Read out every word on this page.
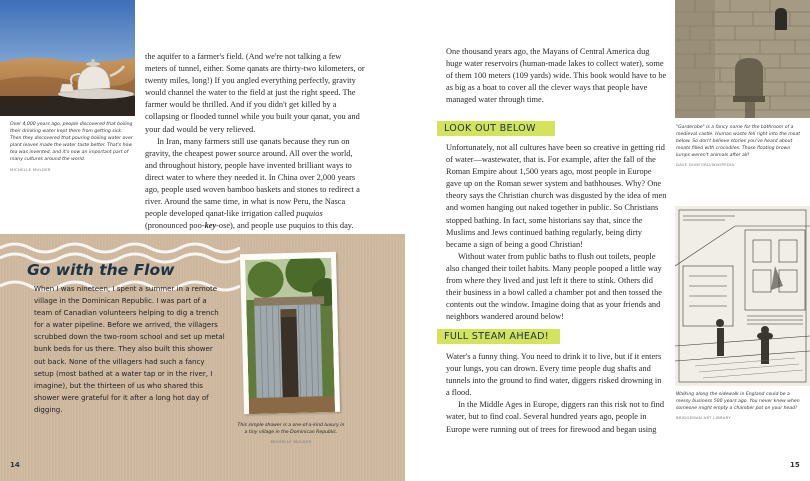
Over 4,000 years ago, people discovered that boiling their drinking water kept them from getting sick. Then they discovered that pouring boiling water over plant leaves made the water taste better. That's how tea was invented, and it's now an important part of many cultures around the world.
MICHELLE MULDER

the aquifer to a farmer's field. (And we're not talking a few meters of tunnel, either. Some qanats are thirty-two kilometers, or twenty miles, long!) If you angled everything perfectly, gravity would channel the water to the field at just the right speed. The farmer would be thrilled. And if you didn't get killed by a collapsing or flooded tunnel while you built your qanat, you and your dad would be very relieved.

In Iran, many farmers still use qanats because they run on gravity, the cheapest power source around. All over the world, and throughout history, people have invented brilliant ways to direct water to where they needed it. In China over 2,000 years ago, people used woven bamboo baskets and stones to redirect a river. Around the same time, in what is now Peru, the Nasca people developed qanat-like irrigation called puquios (pronounced poo-key-ose), and people use puquios to this day.

Go with the Flow
When I was nineteen, I spent a summer in a remote village in the Dominican Republic. I was part of a team of Canadian volunteers helping to dig a trench for a water pipeline. Before we arrived, the villagers scrubbed down the two-room school and set up metal bunk beds for us there. They also built this shower out back. None of the villagers had such a fancy setup (most bathed at a water tap or in the river, I imagine), but the thirteen of us who shared this shower were grateful for it after a long hot day of digging.
This simple shower is a one-of-a-kind luxury in a tiny village in the Dominican Republic.
MICHELLE MULDER
14

One thousand years ago, the Mayans of Central America dug huge water reservoirs (human-made lakes to collect water), some of them 100 meters (109 yards) wide. This book would have to be as big as a boat to cover all the clever ways that people have managed water through time.

LOOK OUT BELOW

Unfortunately, not all cultures have been so creative in getting rid of water—wastewater, that is. For example, after the fall of the Roman Empire about 1,500 years ago, most people in Europe gave up on the Roman sewer system and bathhouses. Why? One theory says the Christian church was disgusted by the idea of men and women hanging out naked together in public. So Christians stopped bathing. In fact, some historians say that, since the Muslims and Jews continued bathing regularly, being dirty became a sign of being a good Christian!

Without water from public baths to flush out toilets, people also changed their toilet habits. Many people pooped a little way from where they lived and just left it there to stink. Others did their business in a bowl called a chamber pot and then tossed the contents out the window. Imagine doing that as your friends and neighbors wandered around below!

FULL STEAM AHEAD!

Water's a funny thing. You need to drink it to live, but if it enters your lungs, you can drown. Every time people dug shafts and tunnels into the ground to find water, diggers risked drowning in a flood.

In the Middle Ages in Europe, diggers ran this risk not to find water, but to find coal. Several hundred years ago, people in Europe were running out of trees for firewood and began using

"Garderobe" is a fancy name for the bathroom of a medieval castle. Human waste fell right into the moat below. So don't believe stories you've heard about moats filled with crocodiles. Those floating brown lumps weren't animals after all!
DAVE DUNFORD/WIKIPEDIA
Walking along the sidewalk in England could be a messy business 500 years ago. You never knew when someone might empty a chamber pot on your head!
BRIDGEMAN ART LIBRARY
15
